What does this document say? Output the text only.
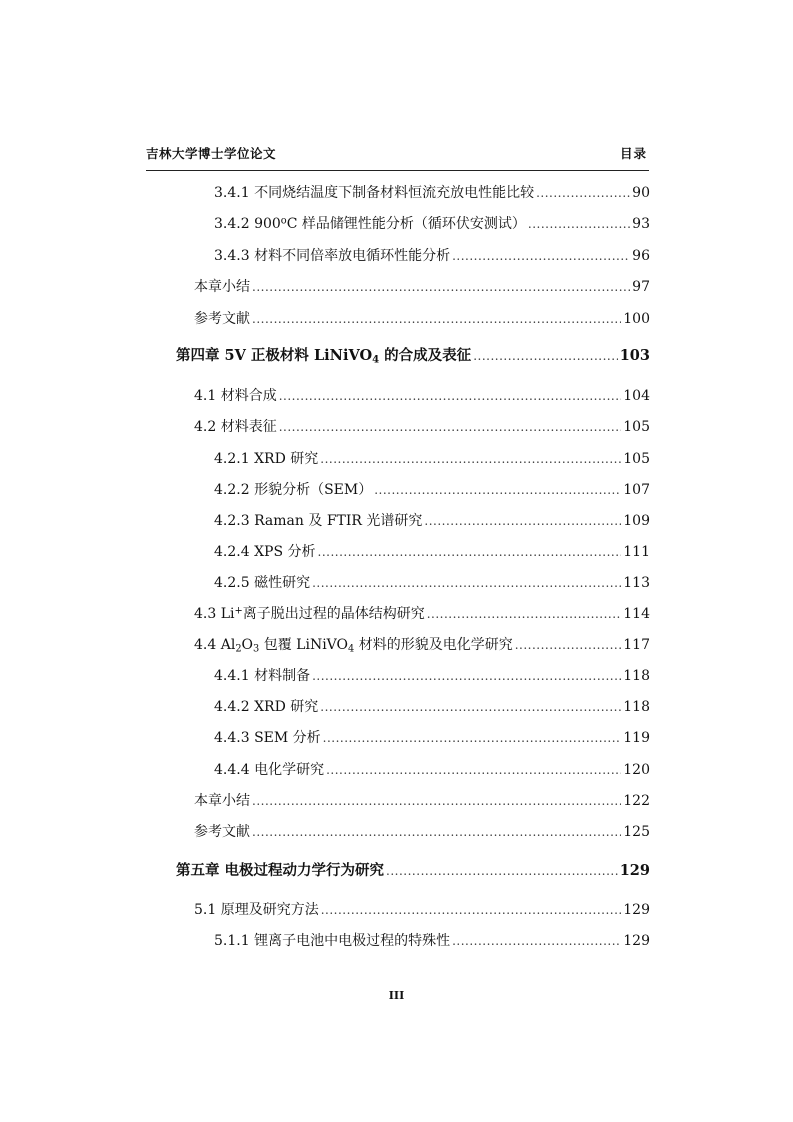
吉林大学博士学位论文	目录
3.4.1 不同烧结温度下制备材料恒流充放电性能比较 .....	90
3.4.2 900$^o$C 样品储锂性能分析（循环伏安测试） .....	93
3.4.3 材料不同倍率放电循环性能分析 .....	96
本章小结 .....	97
参考文献 .....	100
第四章 5V 正极材料 LiNiVO$_4$ 的合成及表征 .....	103
4.1 材料合成 .....	104
4.2 材料表征 .....	105
4.2.1 XRD 研究 .....	105
4.2.2 形貌分析（SEM） .....	107
4.2.3 Raman 及 FTIR 光谱研究 .....	109
4.2.4 XPS 分析 .....	111
4.2.5 磁性研究 .....	113
4.3 Li+离子脱出过程的晶体结构研究 .....	114
4.4 $Al_2O_3$ 包覆 LiNiVO$_4$ 材料的形貌及电化学研究 .....	117
4.4.1 材料制备 .....	118
4.4.2 XRD 研究 .....	118
4.4.3 SEM 分析 .....	119
4.4.4 电化学研究 .....	120
本章小结 .....	122
参考文献 .....	125
第五章 电极过程动力学行为研究 .....	129
5.1 原理及研究方法 .....	129
5.1.1 锂离子电池中电极过程的特殊性 .....	129
III
